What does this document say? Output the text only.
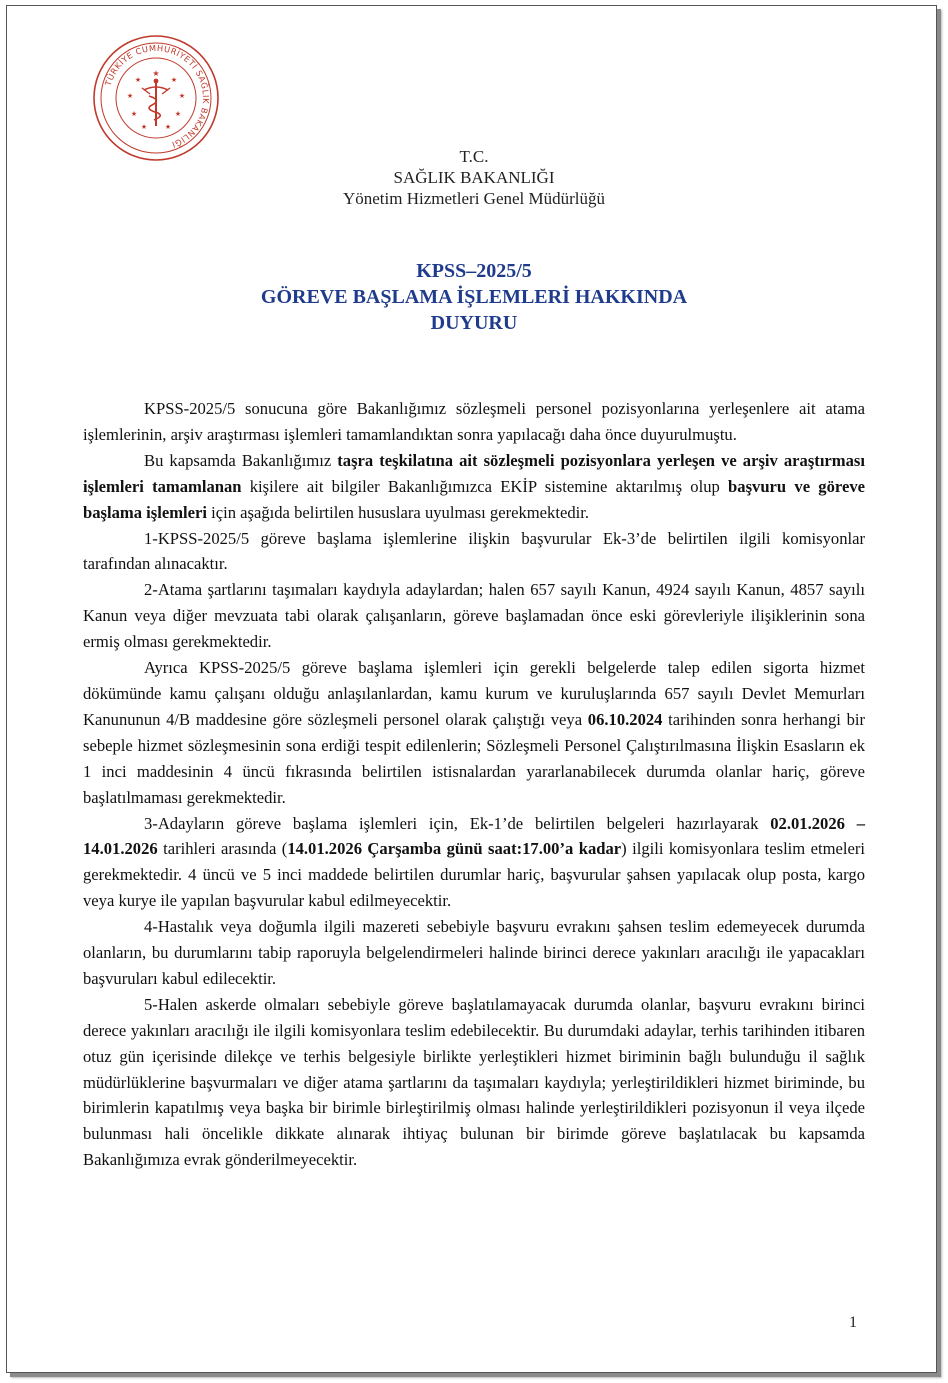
TÜRKİYE CUMHURİYETİ SAĞLIK BAKANLIĞI
★
★	★
★	★
★	★
★	★
T.C.
SAĞLIK BAKANLIĞI
Yönetim Hizmetleri Genel Müdürlüğü
KPSS–2025/5
GÖREVE BAŞLAMA İŞLEMLERİ HAKKINDA
DUYURU

KPSS-2025/5 sonucuna göre Bakanlığımız sözleşmeli personel pozisyonlarına yerleşenlere ait atama işlemlerinin, arşiv araştırması işlemleri tamamlandıktan sonra yapılacağı daha önce duyurulmuştu.

Bu kapsamda Bakanlığımız taşra teşkilatına ait sözleşmeli pozisyonlara yerleşen ve arşiv araştırması işlemleri tamamlanan kişilere ait bilgiler Bakanlığımızca EKİP sistemine aktarılmış olup başvuru ve göreve başlama işlemleri için aşağıda belirtilen hususlara uyulması gerekmektedir.

1-KPSS-2025/5 göreve başlama işlemlerine ilişkin başvurular Ek-3’de belirtilen ilgili komisyonlar tarafından alınacaktır.

2-Atama şartlarını taşımaları kaydıyla adaylardan; halen 657 sayılı Kanun, 4924 sayılı Kanun, 4857 sayılı Kanun veya diğer mevzuata tabi olarak çalışanların, göreve başlamadan önce eski görevleriyle ilişiklerinin sona ermiş olması gerekmektedir.

Ayrıca KPSS-2025/5 göreve başlama işlemleri için gerekli belgelerde talep edilen sigorta hizmet dökümünde kamu çalışanı olduğu anlaşılanlardan, kamu kurum ve kuruluşlarında 657 sayılı Devlet Memurları Kanununun 4/B maddesine göre sözleşmeli personel olarak çalıştığı veya 06.10.2024 tarihinden sonra herhangi bir sebeple hizmet sözleşmesinin sona erdiği tespit edilenlerin; Sözleşmeli Personel Çalıştırılmasına İlişkin Esasların ek 1 inci maddesinin 4 üncü fıkrasında belirtilen istisnalardan yararlanabilecek durumda olanlar hariç, göreve başlatılmaması gerekmektedir.

3-Adayların göreve başlama işlemleri için, Ek-1’de belirtilen belgeleri hazırlayarak 02.01.2026 – 14.01.2026 tarihleri arasında (14.01.2026 Çarşamba günü saat:17.00’a kadar) ilgili komisyonlara teslim etmeleri gerekmektedir. 4 üncü ve 5 inci maddede belirtilen durumlar hariç, başvurular şahsen yapılacak olup posta, kargo veya kurye ile yapılan başvurular kabul edilmeyecektir.

4-Hastalık veya doğumla ilgili mazereti sebebiyle başvuru evrakını şahsen teslim edemeyecek durumda olanların, bu durumlarını tabip raporuyla belgelendirmeleri halinde birinci derece yakınları aracılığı ile yapacakları başvuruları kabul edilecektir.

5-Halen askerde olmaları sebebiyle göreve başlatılamayacak durumda olanlar, başvuru evrakını birinci derece yakınları aracılığı ile ilgili komisyonlara teslim edebilecektir. Bu durumdaki adaylar, terhis tarihinden itibaren otuz gün içerisinde dilekçe ve terhis belgesiyle birlikte yerleştikleri hizmet biriminin bağlı bulunduğu il sağlık müdürlüklerine başvurmaları ve diğer atama şartlarını da taşımaları kaydıyla; yerleştirildikleri hizmet biriminde, bu birimlerin kapatılmış veya başka bir birimle birleştirilmiş olması halinde yerleştirildikleri pozisyonun il veya ilçede bulunması hali öncelikle dikkate alınarak ihtiyaç bulunan bir birimde göreve başlatılacak bu kapsamda Bakanlığımıza evrak gönderilmeyecektir.

1
